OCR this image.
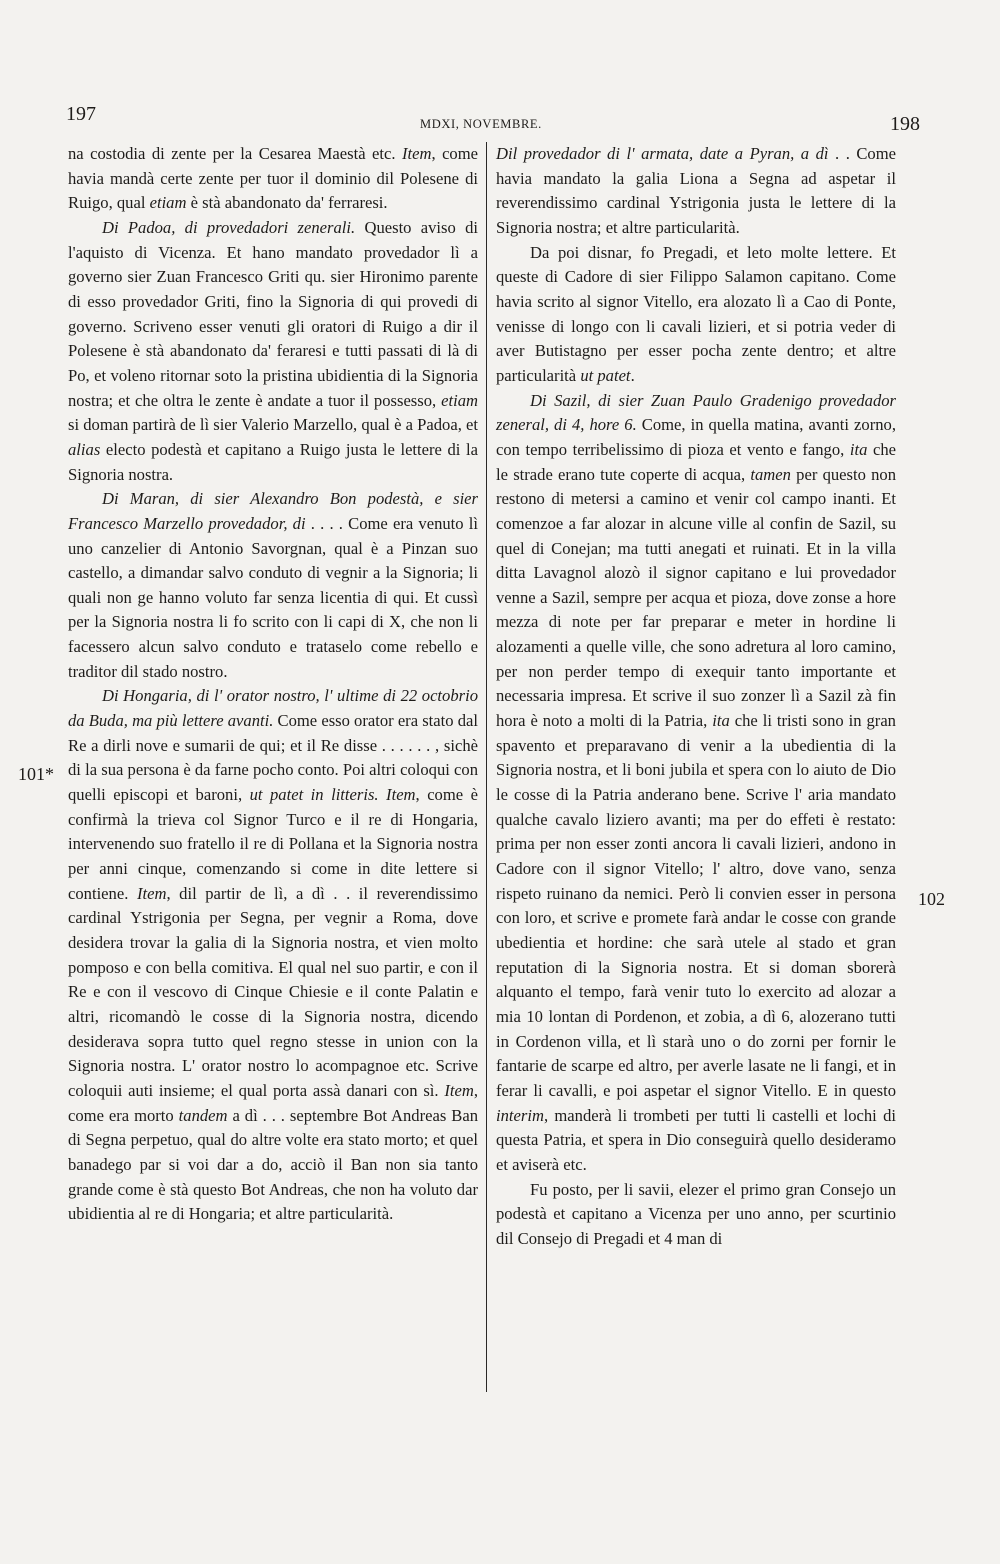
197	MDXI, NOVEMBRE.	198
101*
102

na costodia di zente per la Cesarea Maestà etc. Item, come havia mandà certe zente per tuor il dominio dil Polesene di Ruigo, qual etiam è stà abandonato da' ferraresi.

Di Padoa, di provedadori zenerali. Questo aviso di l'aquisto di Vicenza. Et hano mandato provedador lì a governo sier Zuan Francesco Griti qu. sier Hironimo parente di esso provedador Griti, fino la Signoria di qui provedi di governo. Scriveno esser venuti gli oratori di Ruigo a dir il Polesene è stà abandonato da' feraresi e tutti passati di là di Po, et voleno ritornar soto la pristina ubidientia di la Signoria nostra; et che oltra le zente è andate a tuor il possesso, etiam si doman partirà de lì sier Valerio Marzello, qual è a Padoa, et alias electo podestà et capitano a Ruigo justa le lettere di la Signoria nostra.

Di Maran, di sier Alexandro Bon podestà, e sier Francesco Marzello provedador, di . . . . Come era venuto lì uno canzelier di Antonio Savorgnan, qual è a Pinzan suo castello, a dimandar salvo conduto di vegnir a la Signoria; li quali non ge hanno voluto far senza licentia di qui. Et cussì per la Signoria nostra li fo scrito con li capi di X, che non li facessero alcun salvo conduto e trataselo come rebello e traditor dil stado nostro.

Di Hongaria, di l' orator nostro, l' ultime di 22 octobrio da Buda, ma più lettere avanti. Come esso orator era stato dal Re a dirli nove e sumarii de qui; et il Re disse . . . . . . , sichè di la sua persona è da farne pocho conto. Poi altri coloqui con quelli episcopi et baroni, ut patet in litteris. Item, come è confirmà la trieva col Signor Turco e il re di Hongaria, intervenendo suo fratello il re di Pollana et la Signoria nostra per anni cinque, comenzando si come in dite lettere si contiene. Item, dil partir de lì, a dì . . il reverendissimo cardinal Ystrigonia per Segna, per vegnir a Roma, dove desidera trovar la galia di la Signoria nostra, et vien molto pomposo e con bella comitiva. El qual nel suo partir, e con il Re e con il vescovo di Cinque Chiesie e il conte Palatin e altri, ricomandò le cosse di la Signoria nostra, dicendo desiderava sopra tutto quel regno stesse in union con la Signoria nostra. L' orator nostro lo acompagnoe etc. Scrive coloquii auti insieme; el qual porta assà danari con sì. Item, come era morto tandem a dì . . . septembre Bot Andreas Ban di Segna perpetuo, qual do altre volte era stato morto; et quel banadego par si voi dar a do, acciò il Ban non sia tanto grande come è stà questo Bot Andreas, che non ha voluto dar ubidientia al re di Hongaria; et altre particularità.

Dil provedador di l' armata, date a Pyran, a dì . . Come havia mandato la galia Liona a Segna ad aspetar il reverendissimo cardinal Ystrigonia justa le lettere di la Signoria nostra; et altre particularità.

Da poi disnar, fo Pregadi, et leto molte lettere. Et queste di Cadore di sier Filippo Salamon capitano. Come havia scrito al signor Vitello, era alozato lì a Cao di Ponte, venisse di longo con li cavali lizieri, et si potria veder di aver Butistagno per esser pocha zente dentro; et altre particularità ut patet.

Di Sazil, di sier Zuan Paulo Gradenigo provedador zeneral, di 4, hore 6. Come, in quella matina, avanti zorno, con tempo terribelissimo di pioza et vento e fango, ita che le strade erano tute coperte di acqua, tamen per questo non restono di metersi a camino et venir col campo inanti. Et comenzoe a far alozar in alcune ville al confin de Sazil, su quel di Conejan; ma tutti anegati et ruinati. Et in la villa ditta Lavagnol alozò il signor capitano e lui provedador venne a Sazil, sempre per acqua et pioza, dove zonse a hore mezza di note per far preparar e meter in hordine li alozamenti a quelle ville, che sono adretura al loro camino, per non perder tempo di exequir tanto importante et necessaria impresa. Et scrive il suo zonzer lì a Sazil zà fin hora è noto a molti di la Patria, ita che li tristi sono in gran spavento et preparavano di venir a la ubedientia di la Signoria nostra, et li boni jubila et spera con lo aiuto de Dio le cosse di la Patria anderano bene. Scrive l' aria mandato qualche cavalo liziero avanti; ma per do effeti è restato: prima per non esser zonti ancora li cavali lizieri, andono in Cadore con il signor Vitello; l' altro, dove vano, senza rispeto ruinano da nemici. Però li convien esser in persona con loro, et scrive e promete farà andar le cosse con grande ubedientia et hordine: che sarà utele al stado et gran reputation di la Signoria nostra. Et si doman sborerà alquanto el tempo, farà venir tuto lo exercito ad alozar a mia 10 lontan di Pordenon, et zobia, a dì 6, alozerano tutti in Cordenon villa, et lì starà uno o do zorni per fornir le fantarie de scarpe ed altro, per averle lasate ne li fangi, et in ferar li cavalli, e poi aspetar el signor Vitello. E in questo interim, manderà li trombeti per tutti li castelli et lochi di questa Patria, et spera in Dio conseguirà quello desideramo et aviserà etc.

Fu posto, per li savii, elezer el primo gran Consejo un podestà et capitano a Vicenza per uno anno, per scurtinio dil Consejo di Pregadi et 4 man di
